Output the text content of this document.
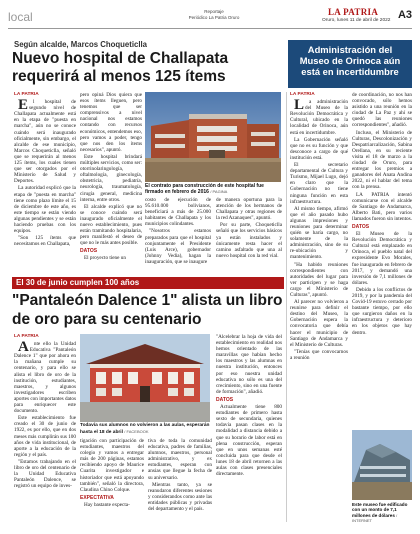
local	Reportaje
Periódico La Patria Oruro	LA PATRIA
Oruro, lunes 11 de abril de 2022 A3
Según alcalde, Marcos Choqueticlla
Nuevo hospital de Challapata requerirá al menos 125 ítems
LA PATRIA

El hospital de segundo nivel de Challapata actualmente está en la etapa de "puesta en marcha", aún no se conoce cuándo será inaugurado oficialmente, sin embargo, el alcalde de ese municipio, Marcos Choqueticlla, señaló que se requerirán al menos 125 ítems, los cuales tienen que ser otorgados por el Ministerio de Salud y Deportes.

La autoridad explicó que la etapa de "puesta en marcha" tiene como plazo límite el 15 de diciembre de este año, es este tiempo se están viendo algunas pendientes y se están haciendo pruebas con los equipos.

"Son 125 ítems que necesitamos en Challapata,

pero opiná Dios quiera que esos ítems lleguen, pero tenemos que ser comprensivos a nivel nacional nos estamos contando con recursos económicos, entendemos eso, pero vamos a poder, tengo que nos den los ítems necesarios", apuntó.

Este hospital brindará múltiples servicios, como ser: otorrinolaringología, oftalmología, ginecología, obstetricia, pediatría, neurología, traumatología, cirugía general, medicina interna, entre otros.

El alcalde explicó que no se conoce cuándo será inaugurado oficialmente el nuevo establecimiento, pues están tramitando hospitalaria, pero manifestó el deseo de que no le más antes posible.

DATOS

El proyecto tiene un

El contrato para construcción de este hospital fue firmado en febrero de 2016 / PAGINA

costo de ejecución de 95.610.000 bolivianos, beneficiará a más de 25.000 habitantes de Challapata y los municipios colindantes.

"Nosotros estamos preparados para que el hospital conjuntamente el Presidente (Luis Arce), gobernador (Johnny Vedia), hagan la inauguración, que se inaugure

de manera oportuna para la atención de los hermanos de Challapata y otras regiones de la red Azanaques", apuntó.

Por su parte, Choqueticlla señaló que los servicios básicos ya están instalados y únicamente resta hacer el camino asfaltado que una al nuevo hospital con la red vial.

Administración del Museo de Orinoca aún está en incertidumbre
LA PATRIA

La administración del Museo de la Revolución Democrática y Cultural, ubicado en la localidad de Orinoca, aún está en incertidumbre.

La Gobernación señaló que no es su función y que desconoce a cargo de qué institución está.

El secretario departamental de Cultura y Turismo, Mijael Lugo, dejó en claro que la Gobernación no tiene ninguna función en esta infraestructura.

Al mismo tiempo, afirmó que el año pasado hubo algunas impresiones y reuniones para determinar quién se haría cargo, no solamente de la administración, sino de su re-ubicación y mantenimiento.

"Ha habido reuniones correspondientes con autoridades del lugar para ver participen y se haga cargo el Ministerio de Culturas", apuntó.

Al parecer no volvieron a reunirse para definir el destino del Museo, la Gobernación espera la convocatoria que debía hacer el municipio de Santiago de Andamarca y el Ministerio de Culturas.

"Tenías que convocarnos a reunión

de coordinación, no nos han convocado, sólo hemos asistido a una reunión en la ciudad de La Paz y ahí se quedó las reuniones correspondientes", añadió.

Incluso, el Ministerio de Culturas, Descolonización y Despatriarcalización, Sabina Orellana, en su reciente visita el 18 de marzo a la ciudad de Oruro, para entregar los premios a ganadores del Anata Andina 2022, ni el hablar del tema con la prensa.

LA PATRIA intentó comunicarse con el alcalde de Santiago de Andamarca, Alberto Bati, pero varios llamados fueron sin intentos.

DATOS

El Museo de la Revolución Democrática y Cultural está emplazado en Orinoca, el pueblo natal del expresidente Evo Morales, fue inaugurado en febrero de 2017, y demandó una inversión de 7,1 millones de dólares.

Debido a los conflictos de 2019, y por la pandemia del Covid-19 estuvo cerrado por bastante tiempo, por ello que surgieron daños en la infraestructura y deterioro en los objetos que hay dentro.

Este museo fue edificado con un monto de 7,1 millones de dólares / INTERNET
El 30 de junio cumplen 100 años
"Pantaleón Dalence 1" alista un libro de oro para su centenario
LA PATRIA

Ante ello la Unidad Educativa "Pantaleón Dalence 1" que por ahora en la mañana cumple su centenario, y para ello se alista el libro de oro de la institución, estudiantes, maestros, y algunos investigadores escriben aportes con importantes datos para enriquecer este documento.

Este establecimiento fue creado el 30 de junio de 1922, es por ello, que en dos meses más cumplirán sus 100 años de vida institucional, de aporte a la educación de la región y el país.

"Estamos trabajando en el libro de oro del centenario de la Unidad Educativa Pantaleón Dalence, se registró un equipo de inves-

Todavía sus alumnos no volvieron a las aulas, esperarán hasta el 18 de abril / FACEBOOK

tigación con participación de estudiantes, maestros del colegio y vamos a entregar más de 200 páginas, estamos recibiendo apoyo de Maurice Cuarita investigador e historiador que está apoyando también", señaló la directora, Claudina Chino Colque.

EXPECTATIVA

Hay bastante expecta-

tiva de toda la comunidad educativa, padres de familias, alumnos, maestros, personal administrativo, y ex estudiantes, esperan con ansias que llegue la fecha de su aniversario.

Mientras tanto, ya se reanudaron diferentes sesiones y considerandos como ante las entidades públicas y privadas del departamento y el país.

"Alcelebrar la hoja de vida del establecimiento en realidad nos hemos orientado de las maravillas que habían hecho los maestros y las alumnas en nuestra institución, entonces por eso nuestra unidad educativa no sólo es una del crecimiento, sino en una fuente de formación", añadió.

DATOS

Actualmente tiene 800 estudiantes de primero hasta sexto de secundaria, quienes todavía pasan clases en la modalidad a distancia debido a que su horario de labor está en plena construcción, esperan que en unos semanas esté concluida para que desde el lunes 18 de abril retornen a las aulas con clases presenciales directamente.
